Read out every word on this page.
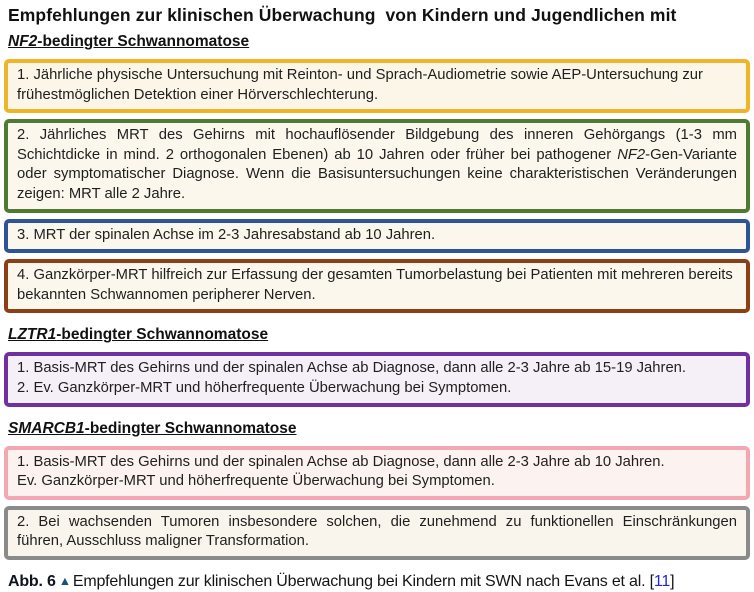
Empfehlungen zur klinischen Überwachung  von Kindern und Jugendlichen mit
NF2-bedingter Schwannomatose

1. Jährliche physische Untersuchung mit Reinton- und Sprach-Audiometrie sowie AEP-Untersuchung zur frühestmöglichen Detektion einer Hörverschlechterung.

2. Jährliches MRT des Gehirns mit hochauflösender Bildgebung des inneren Gehörgangs (1-3 mm Schichtdicke in mind. 2 orthogonalen Ebenen) ab 10 Jahren oder früher bei pathogener NF2-Gen-Variante oder symptomatischer Diagnose. Wenn die Basisuntersuchungen keine charakteristischen Veränderungen zeigen: MRT alle 2 Jahre.

3. MRT der spinalen Achse im 2-3 Jahresabstand ab 10 Jahren.

4. Ganzkörper-MRT hilfreich zur Erfassung der gesamten Tumorbelastung bei Patienten mit mehreren bereits bekannten Schwannomen peripherer Nerven.

LZTR1-bedingter Schwannomatose

1. Basis-MRT des Gehirns und der spinalen Achse ab Diagnose, dann alle 2-3 Jahre ab 15-19 Jahren.

2. Ev. Ganzkörper-MRT und höherfrequente Überwachung bei Symptomen.

SMARCB1-bedingter Schwannomatose

1. Basis-MRT des Gehirns und der spinalen Achse ab Diagnose, dann alle 2-3 Jahre ab 10 Jahren.

Ev. Ganzkörper-MRT und höherfrequente Überwachung bei Symptomen.

2. Bei wachsenden Tumoren insbesondere solchen, die zunehmend zu funktionellen Einschränkungen führen, Ausschluss maligner Transformation.

Abb. 6 ▲ Empfehlungen zur klinischen Überwachung bei Kindern mit SWN nach Evans et al. [11]
